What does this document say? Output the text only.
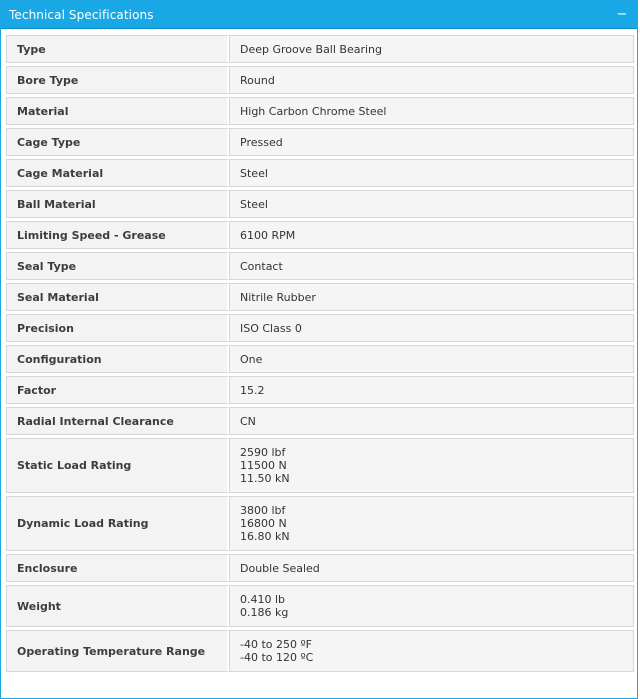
Technical Specifications	−
Type	Deep Groove Ball Bearing

Bore Type	Round

Material	High Carbon Chrome Steel

Cage Type	Pressed

Cage Material	Steel

Ball Material	Steel

Limiting Speed - Grease	6100 RPM

Seal Type	Contact

Seal Material	Nitrile Rubber

Precision	ISO Class 0

Configuration	One

Factor	15.2

Radial Internal Clearance	CN

Static Load Rating	2590 lbf
11500 N
11.50 kN

Dynamic Load Rating	3800 lbf
16800 N
16.80 kN

Enclosure	Double Sealed

Weight	0.410 lb
0.186 kg

Operating Temperature Range	-40 to 250 ºF
-40 to 120 ºC
